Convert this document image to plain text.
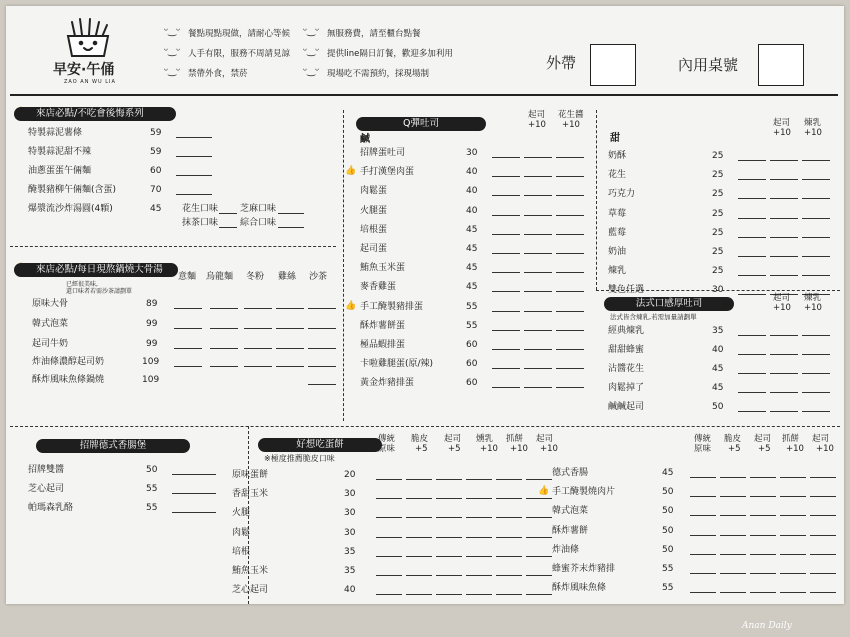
早安·午俑
ZAO AN WU LIA
ᵕ‿ᵕ 餐點現點現做，請耐心等候
ᵕ‿ᵕ 人手有限，服務不周請見諒
ᵕ‿ᵕ 禁帶外食，禁菸
ᵕ‿ᵕ 無服務費，請至櫃台點餐
ᵕ‿ᵕ 提供line隔日訂餐，歡迎多加利用
ᵕ‿ᵕ 現場吃不需預約，採現場制
外帶	內用桌號
來店必點/不吃會後悔系列
特製蒜泥薯條	59
特製蒜泥甜不辣	59
油蔥蛋蛋午倆麵	60
醃製豬柳午倆麵(含蛋)	70
爆漿流沙炸湯圓(4顆)	45 花生口味 芝麻口味
抹茶口味 綜合口味
來店必點/每日現熬鍋燒大骨湯
已經很美味,
還口味者若需沙茶請劃單
意麵 烏龍麵 冬粉 雞絲 沙茶
原味大骨	89
韓式泡菜	99
起司牛奶	99
炸油條濃醇起司奶	109
酥炸風味魚條鍋燒	109
Q彈吐司
起司
+10
花生醬
+10
鹹
招牌蛋吐司	30
👍 手打漢堡肉蛋	40
肉鬆蛋	40
火腿蛋	40
培根蛋	45
起司蛋	45
鮪魚玉米蛋	45
麥香雞蛋	45
👍 手工醃製豬排蛋	55
酥炸薯餅蛋	55
極品蝦排蛋	60
卡啦雞腿蛋(原/辣)	60
黃金炸豬排蛋	60
起司
+10
煉乳
+10
甜
奶酥	25
花生	25
巧克力	25
草莓	25
藍莓	25
奶油	25
煉乳	25
雙色任選	30
法式口感厚吐司
法式皆含煉乳,若需加量請劃單
起司
+10
煉乳
+10
經典煉乳	35
甜甜蜂蜜	40
沾醬花生	45
肉鬆掉了	45
鹹鹹起司	50
招牌德式香腸堡
招牌雙醬	50
芝心起司	55
帕瑪森乳酪	55
好想吃蛋餅
※極度推薦脆皮口味
傳統
原味
脆皮
+5
起司
+5
燻乳
+10
抓餅
+10
起司
+10
原味蛋餅	20
香甜玉米	30
火腿	30
肉鬆	30
培根	35
鮪魚玉米	35
芝心起司	40
傳統
原味
脆皮
+5
起司
+5
抓餅
+10
起司
+10
德式香腸	45
👍 手工醃製燒肉片	50
韓式泡菜	50
酥炸薯餅	50
炸油條	50
蜂蜜芥末炸豬排	55
酥炸風味魚條	55
Anan Daily
